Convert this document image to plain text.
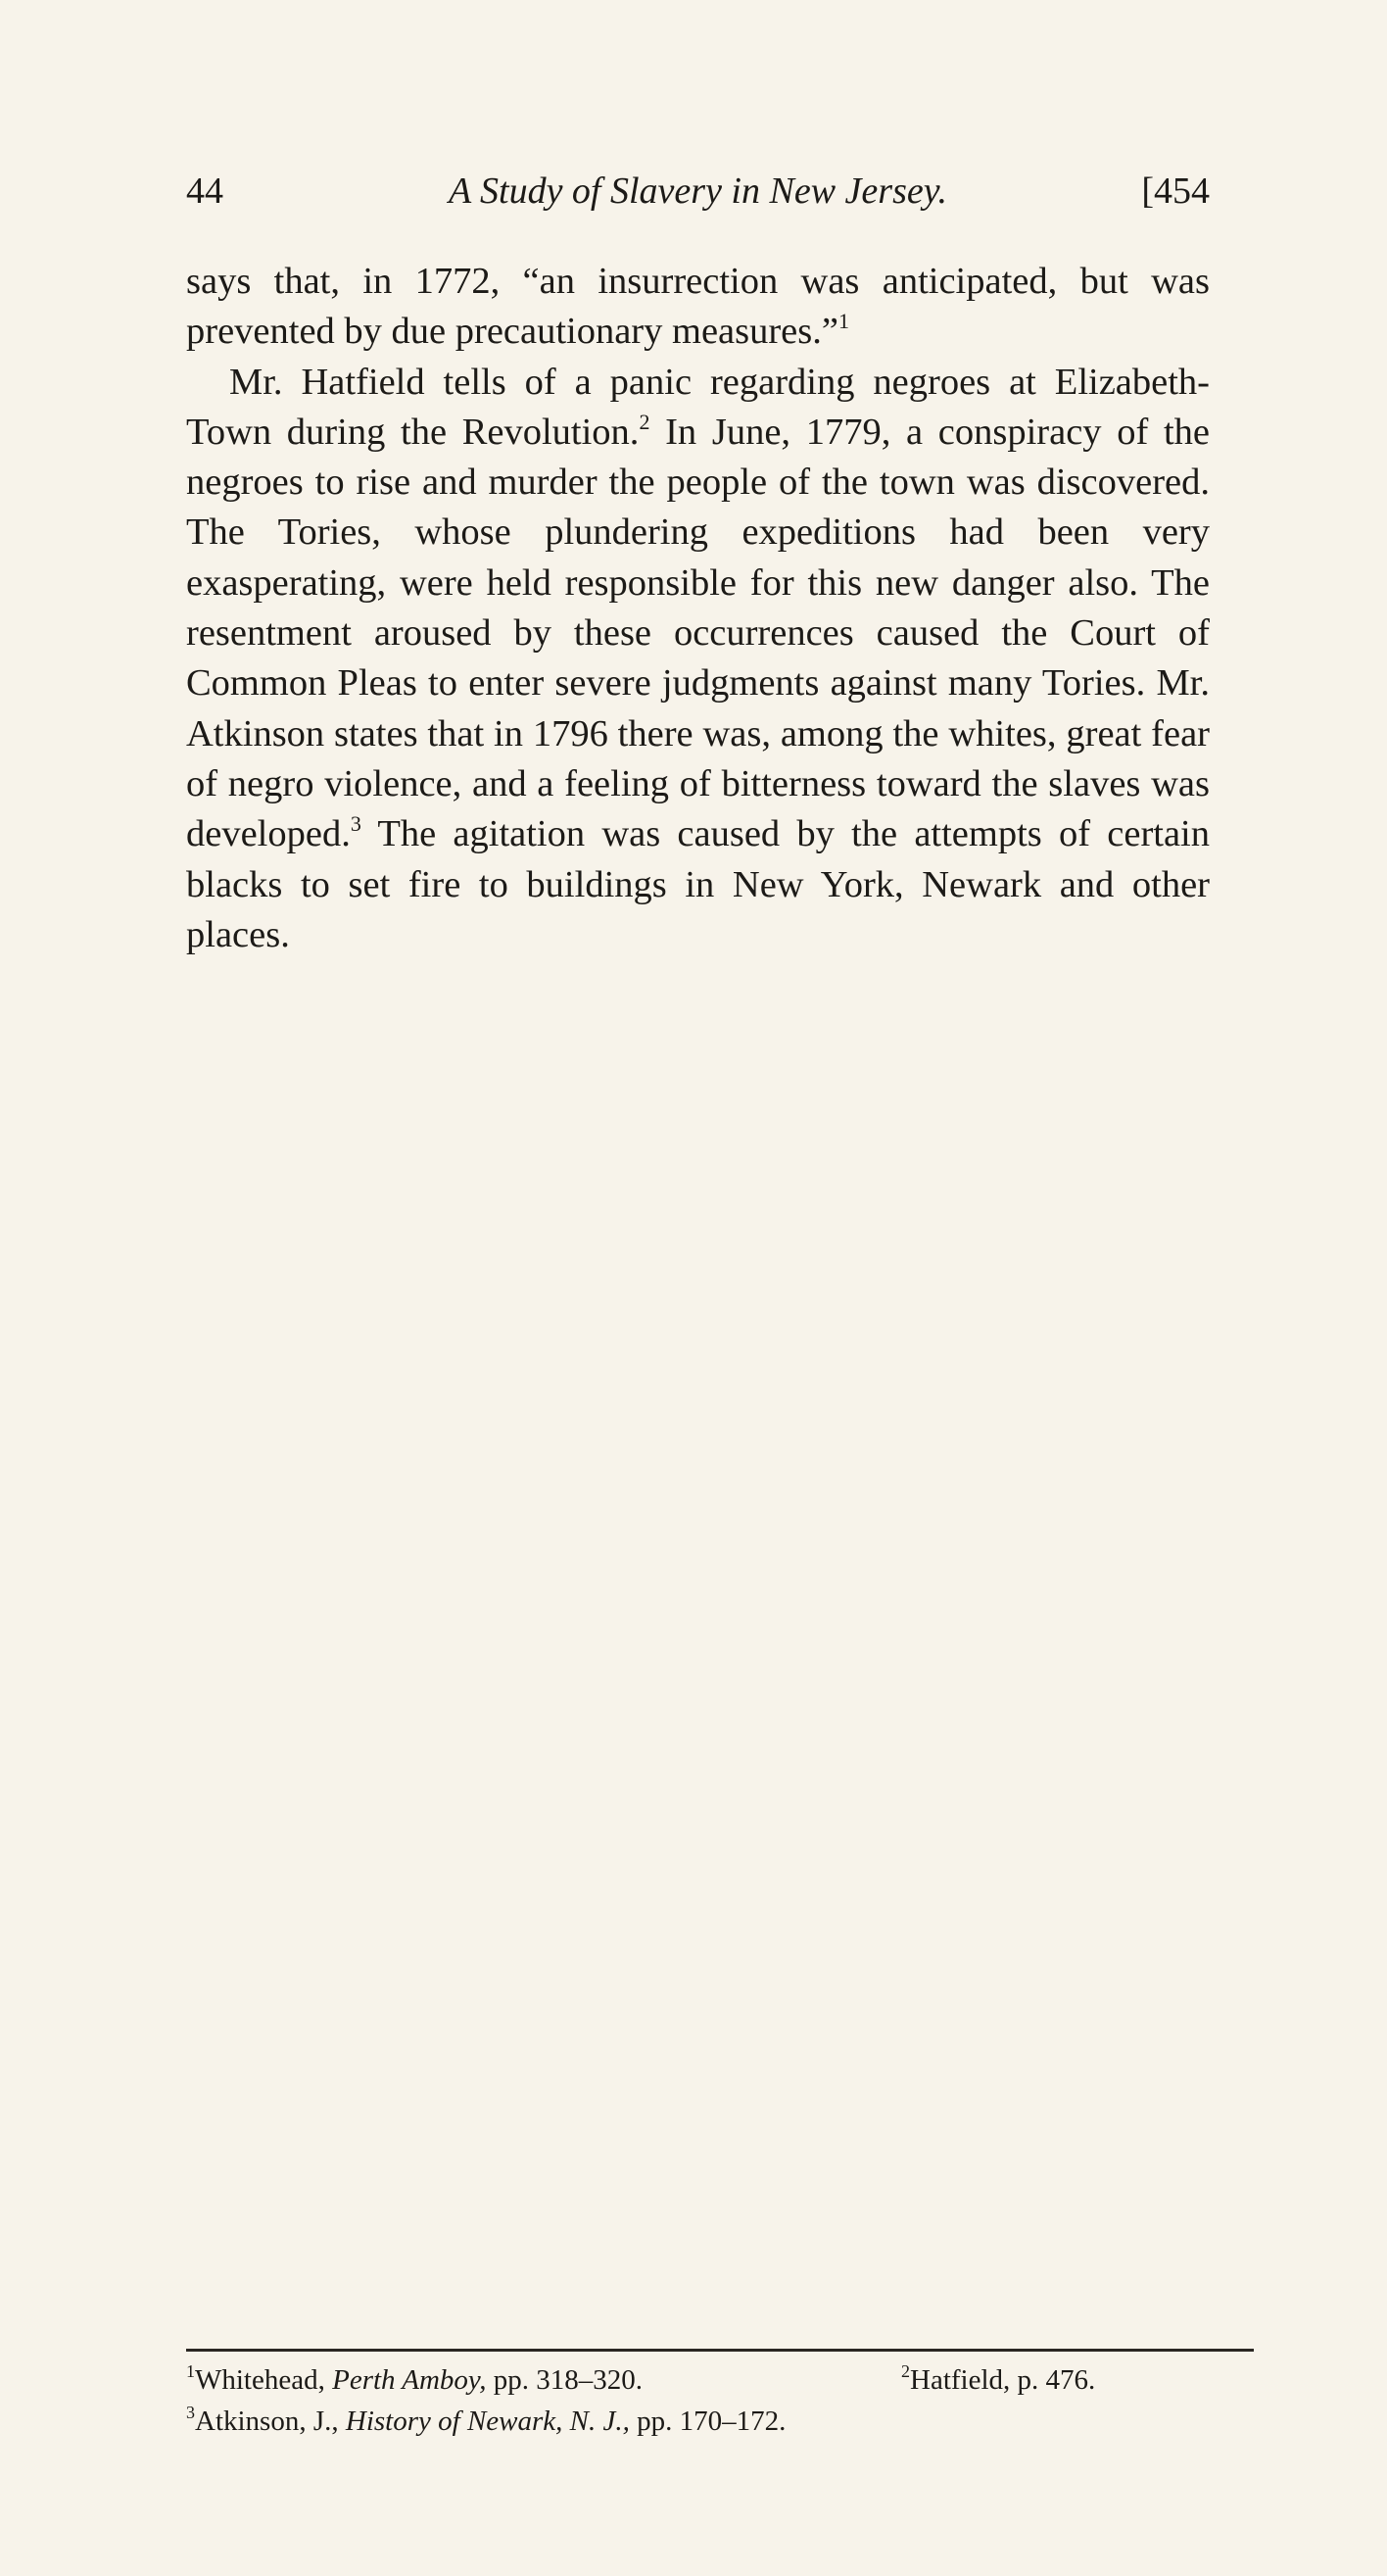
44	A Study of Slavery in New Jersey.	[454

says that, in 1772, “an insurrection was anticipated, but was prevented by due precautionary measures.”$^1$

Mr. Hatfield tells of a panic regarding negroes at Elizabeth-Town during the Revolution.$^2$ In June, 1779, a conspiracy of the negroes to rise and murder the people of the town was discovered. The Tories, whose plundering expeditions had been very exasperating, were held responsible for this new danger also. The resentment aroused by these occurrences caused the Court of Common Pleas to enter severe judgments against many Tories. Mr. Atkinson states that in 1796 there was, among the whites, great fear of negro violence, and a feeling of bitterness toward the slaves was developed.$^3$ The agitation was caused by the attempts of certain blacks to set fire to buildings in New York, Newark and other places.

$^1$Whitehead, Perth Amboy, pp. 318–320.	$^2$Hatfield, p. 476.
$^3$Atkinson, J., History of Newark, N. J., pp. 170–172.
